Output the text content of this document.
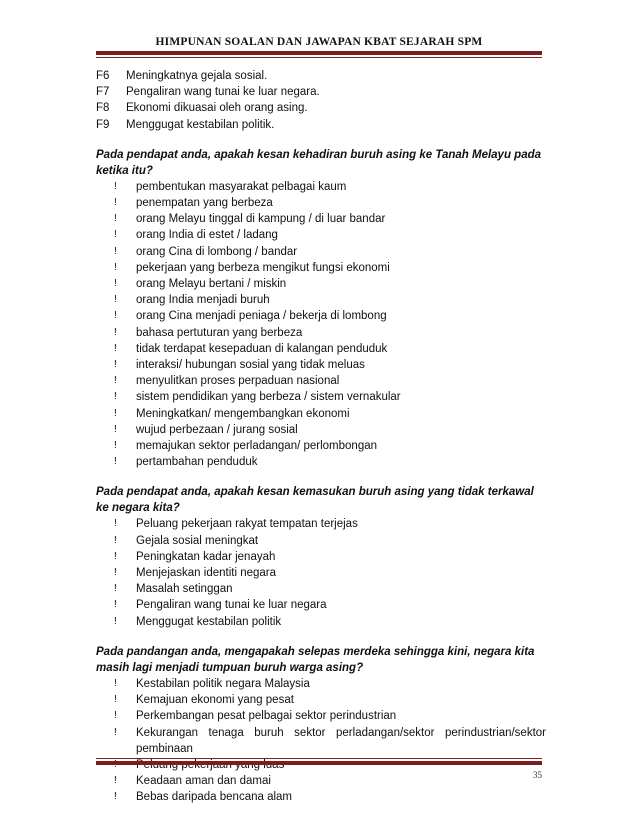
HIMPUNAN SOALAN DAN JAWAPAN KBAT SEJARAH SPM
F6	Meningkatnya gejala sosial.
F7	Pengaliran wang tunai ke luar negara.
F8	Ekonomi dikuasai oleh orang asing.
F9	Menggugat kestabilan politik.
Pada pendapat anda, apakah kesan kehadiran buruh asing ke Tanah Melayu pada ketika itu?
!	pembentukan masyarakat pelbagai kaum
!	penempatan yang berbeza
!	orang Melayu tinggal di kampung / di luar bandar
!	orang India di estet / ladang
!	orang Cina di lombong / bandar
!	pekerjaan yang berbeza mengikut fungsi ekonomi
!	orang Melayu bertani / miskin
!	orang India menjadi buruh
!	orang Cina menjadi peniaga / bekerja di lombong
!	bahasa pertuturan yang berbeza
!	tidak terdapat kesepaduan di kalangan penduduk
!	interaksi/ hubungan sosial yang tidak meluas
!	menyulitkan proses perpaduan nasional
!	sistem pendidikan yang berbeza / sistem vernakular
!	Meningkatkan/ mengembangkan ekonomi
!	wujud perbezaan / jurang sosial
!	memajukan sektor perladangan/ perlombongan
!	pertambahan penduduk
Pada pendapat anda, apakah kesan kemasukan buruh asing yang tidak terkawal ke negara kita?
!	Peluang pekerjaan rakyat tempatan terjejas
!	Gejala sosial meningkat
!	Peningkatan kadar jenayah
!	Menjejaskan identiti negara
!	Masalah setinggan
!	Pengaliran wang tunai ke luar negara
!	Menggugat kestabilan politik
Pada pandangan anda, mengapakah selepas merdeka sehingga kini, negara kita masih lagi menjadi tumpuan buruh warga asing?
!	Kestabilan politik negara Malaysia
!	Kemajuan ekonomi yang pesat
!	Perkembangan pesat pelbagai sektor perindustrian
!	Kekurangan tenaga buruh sektor perladangan/sektor perindustrian/sektor pembinaan
!	Keadaan aman dan damai
!	Bebas daripada bencana alam
35
